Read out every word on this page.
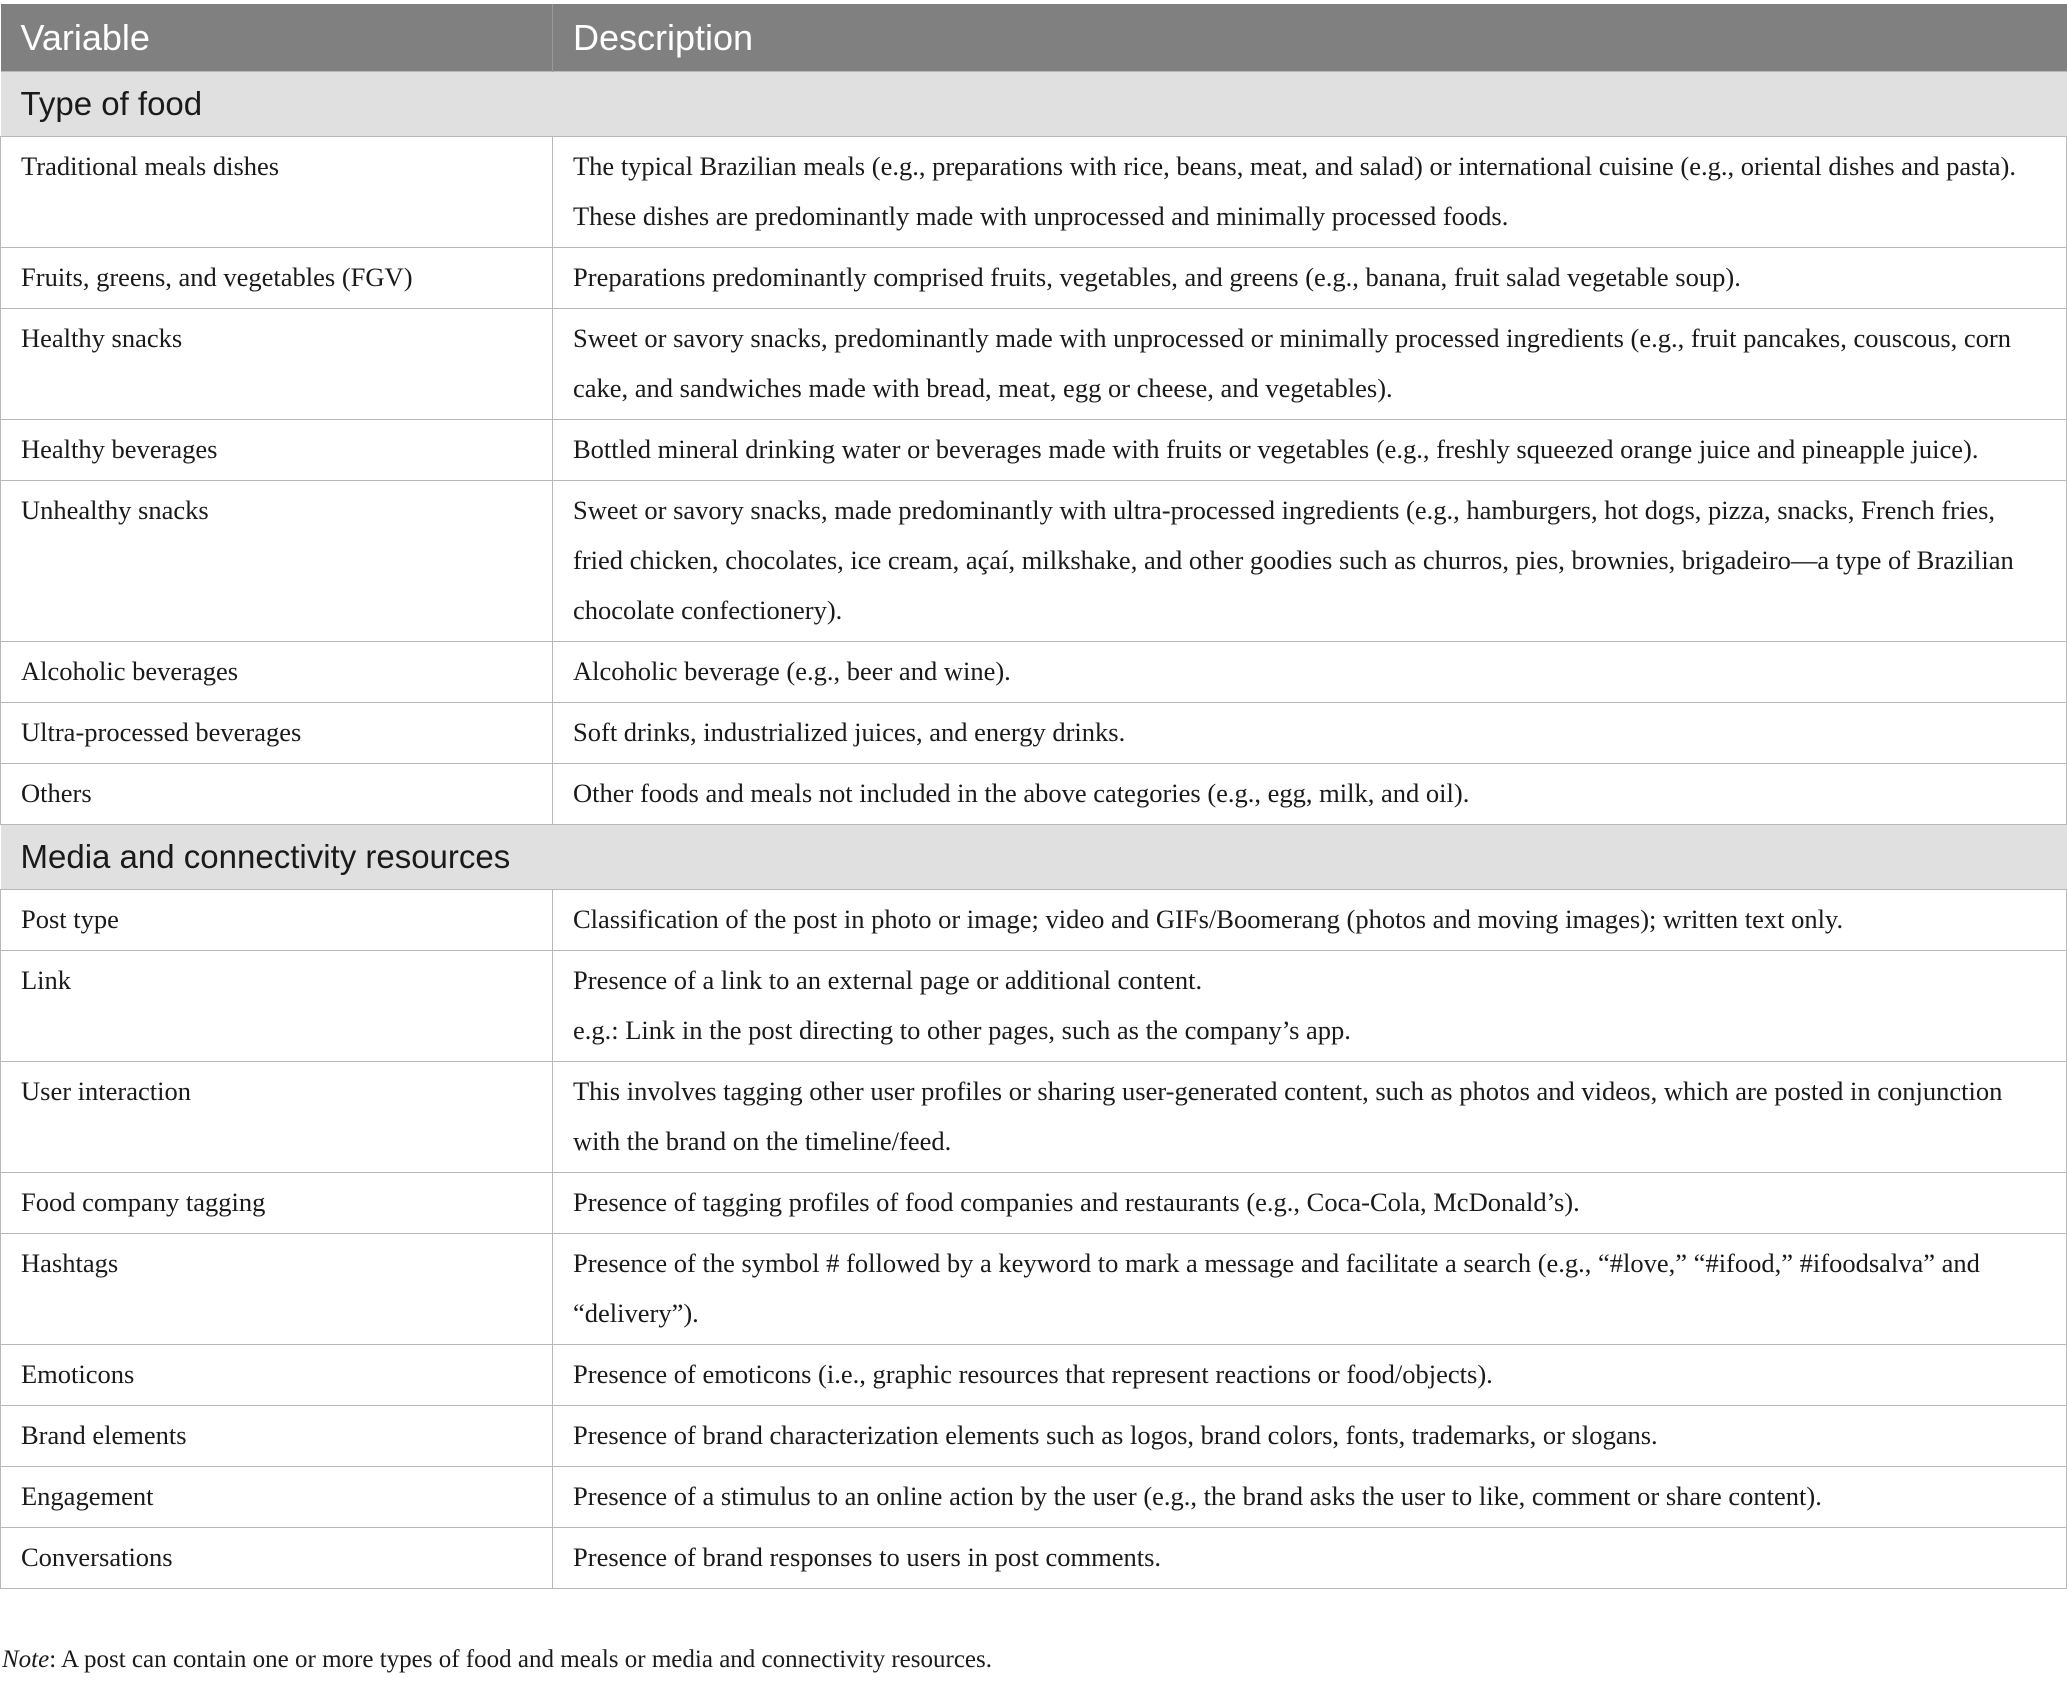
Variable	Description
Type of food	
Traditional meals dishes	The typical Brazilian meals (e.g., preparations with rice, beans, meat, and salad) or international cuisine (e.g., oriental dishes and pasta). These dishes are predominantly made with unprocessed and minimally processed foods.

Fruits, greens, and vegetables (FGV)	Preparations predominantly comprised fruits, vegetables, and greens (e.g., banana, fruit salad vegetable soup).

Healthy snacks	Sweet or savory snacks, predominantly made with unprocessed or minimally processed ingredients (e.g., fruit pancakes, couscous, corn cake, and sandwiches made with bread, meat, egg or cheese, and vegetables).

Healthy beverages	Bottled mineral drinking water or beverages made with fruits or vegetables (e.g., freshly squeezed orange juice and pineapple juice).

Unhealthy snacks	Sweet or savory snacks, made predominantly with ultra-processed ingredients (e.g., hamburgers, hot dogs, pizza, snacks, French fries, fried chicken, chocolates, ice cream, açaí, milkshake, and other goodies such as churros, pies, brownies, brigadeiro—a type of Brazilian chocolate confectionery).

Alcoholic beverages	Alcoholic beverage (e.g., beer and wine).

Ultra-processed beverages	Soft drinks, industrialized juices, and energy drinks.

Others	Other foods and meals not included in the above categories (e.g., egg, milk, and oil).

Media and connectivity resources	
Post type	Classification of the post in photo or image; video and GIFs/Boomerang (photos and moving images); written text only.

Link	Presence of a link to an external page or additional content.
e.g.: Link in the post directing to other pages, such as the company’s app.

User interaction	This involves tagging other user profiles or sharing user-generated content, such as photos and videos, which are posted in conjunction with the brand on the timeline/feed.

Food company tagging	Presence of tagging profiles of food companies and restaurants (e.g., Coca-Cola, McDonald’s).

Hashtags	Presence of the symbol # followed by a keyword to mark a message and facilitate a search (e.g., “#love,” “#ifood,” #ifoodsalva” and “delivery”).

Emoticons	Presence of emoticons (i.e., graphic resources that represent reactions or food/objects).

Brand elements	Presence of brand characterization elements such as logos, brand colors, fonts, trademarks, or slogans.

Engagement	Presence of a stimulus to an online action by the user (e.g., the brand asks the user to like, comment or share content).

Conversations	Presence of brand responses to users in post comments.
Note: A post can contain one or more types of food and meals or media and connectivity resources.
